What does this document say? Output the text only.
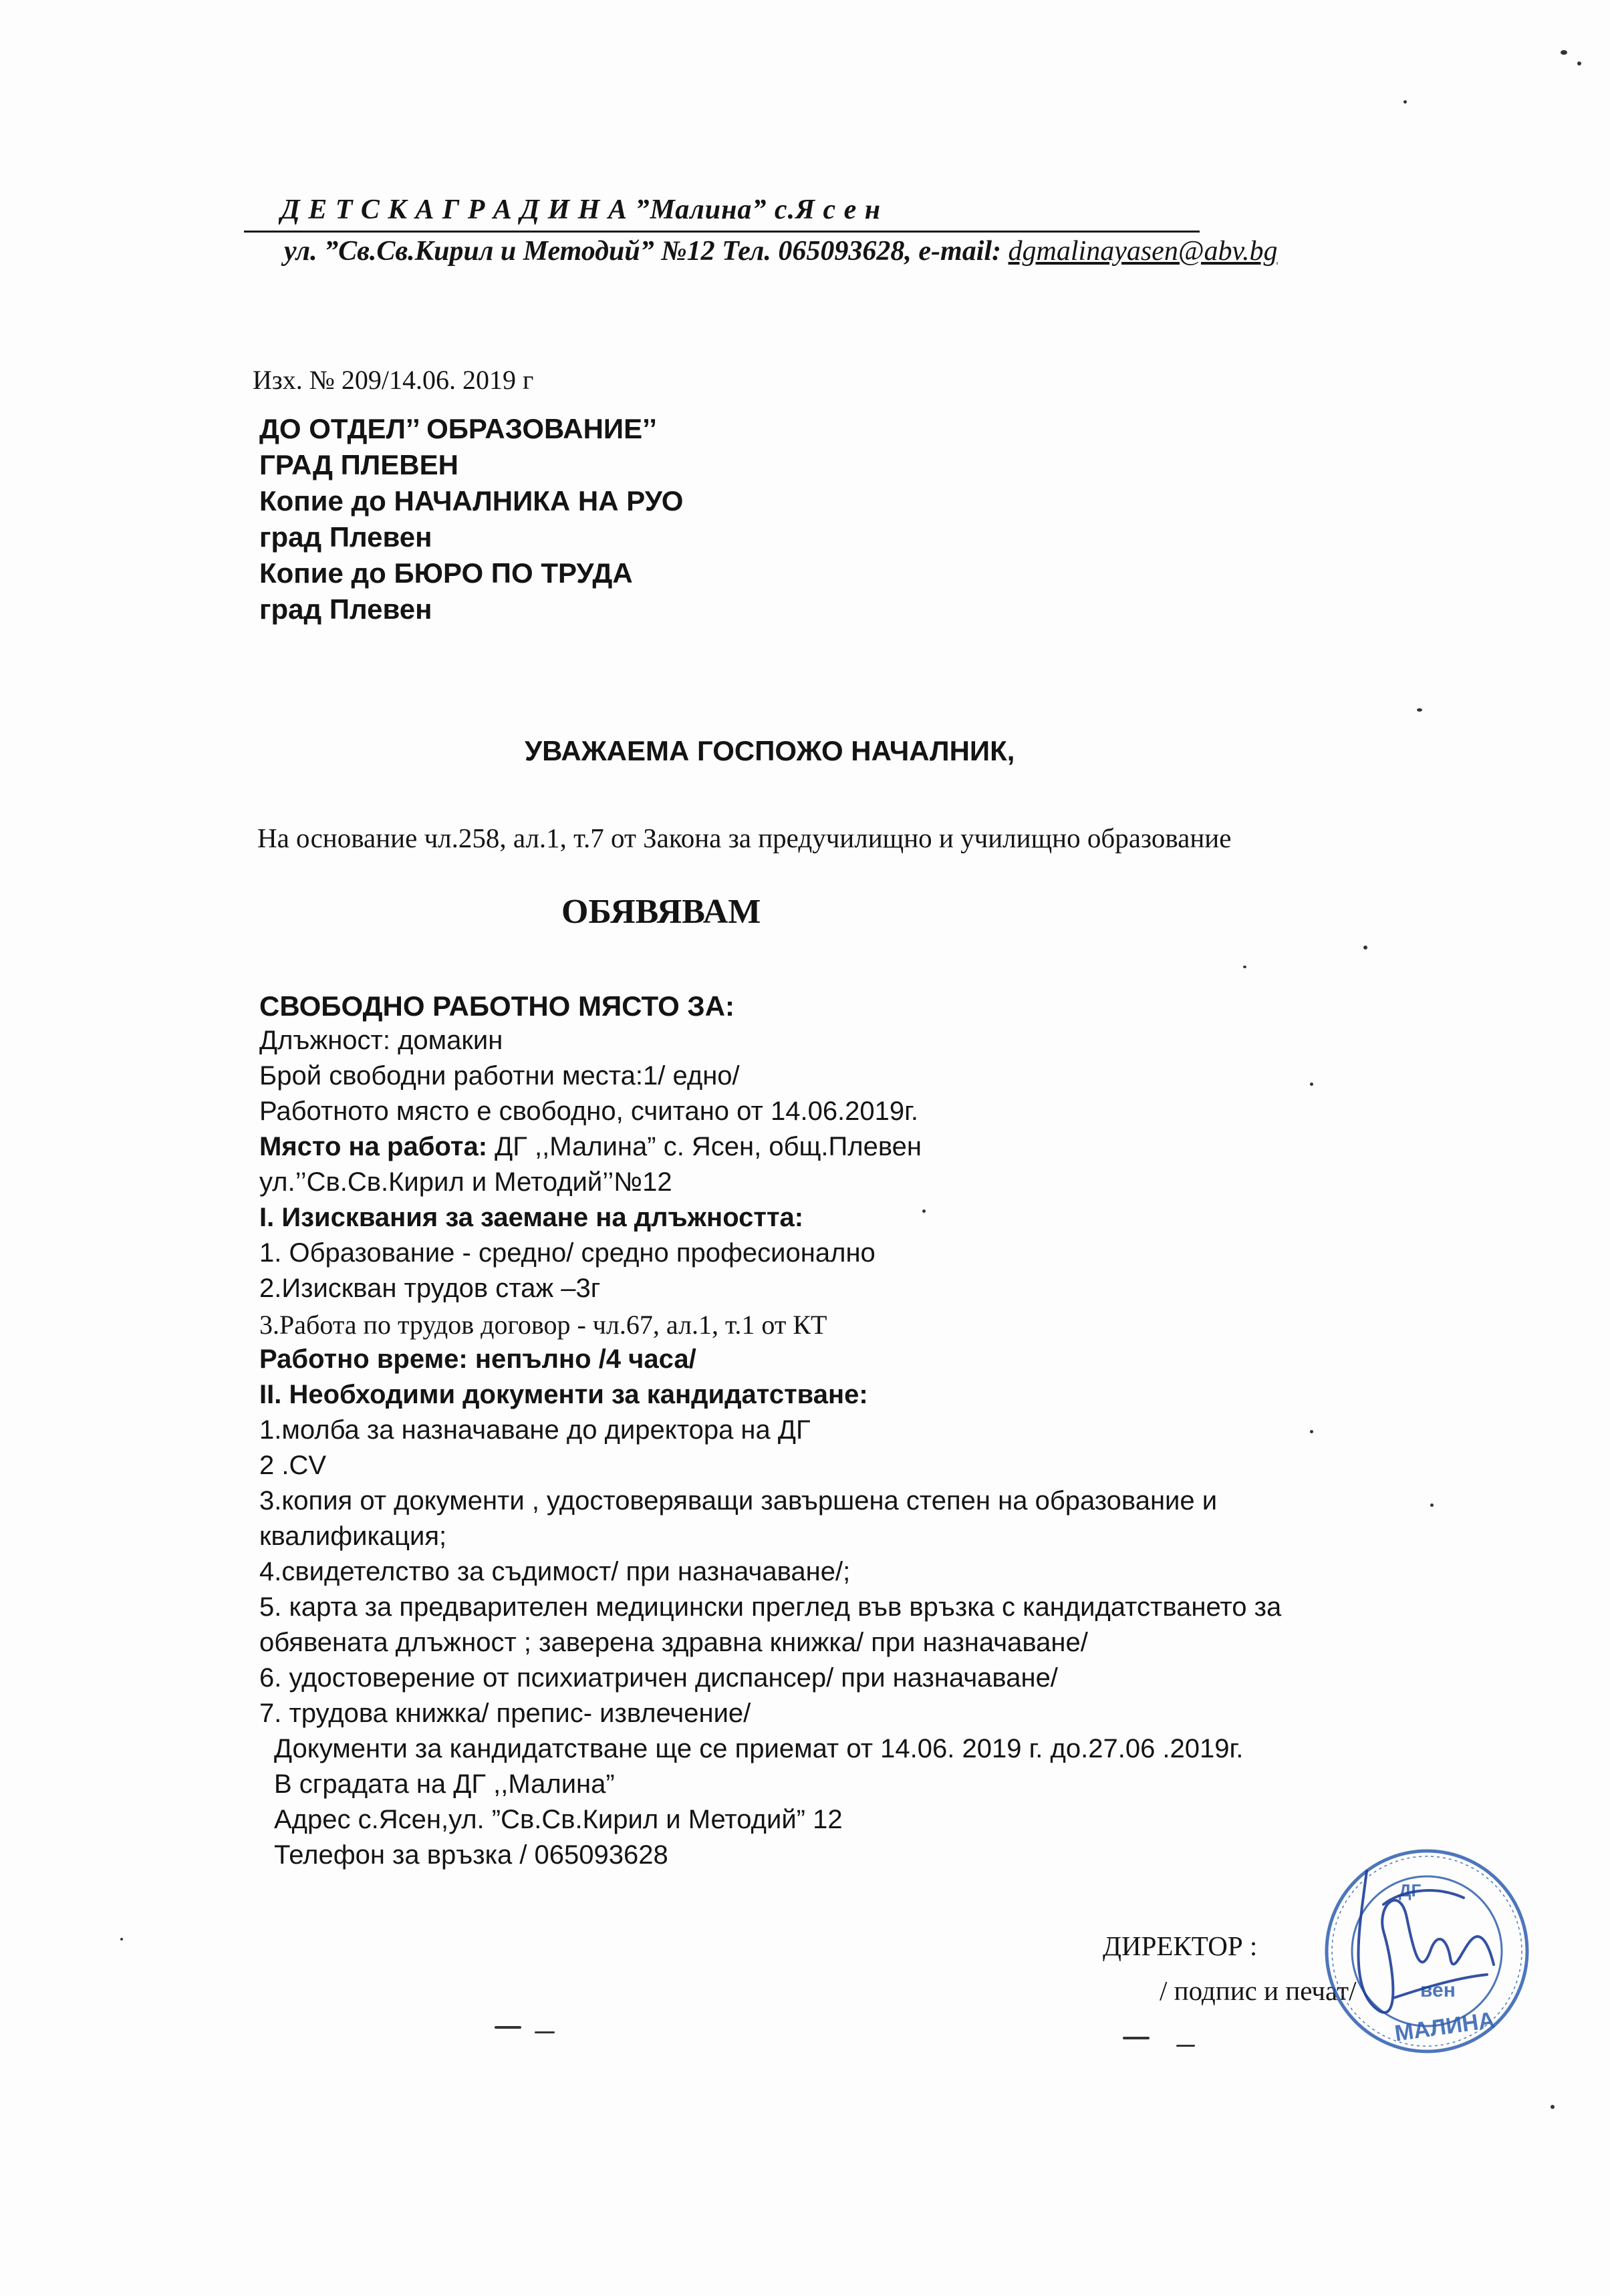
Д Е Т С К А Г Р А Д И Н А ”Малина” с.Я с е н
ул. ”Св.Св.Кирил и Методий” №12 Тел. 065093628, e-mail: dgmalinayasen@abv.bg
Изх. № 209/14.06. 2019 г
ДО ОТДЕЛ’’ ОБРАЗОВАНИЕ’’
ГРАД ПЛЕВЕН
Копие до НАЧАЛНИКА НА РУО
град Плевен
Копие до БЮРО ПО ТРУДА
град Плевен
УВАЖАЕМА ГОСПОЖО НАЧАЛНИК,
На основание чл.258, ал.1, т.7 от Закона за предучилищно и училищно образование
ОБЯВЯВАМ
СВОБОДНО РАБОТНО МЯСТО ЗА:
Длъжност: домакин
Брой свободни работни места:1/ едно/
Работното място е свободно, считано от 14.06.2019г.
Място на работа: ДГ ,,Малина” с. Ясен, общ.Плевен
ул.’’Св.Св.Кирил и Методий’’№12
I. Изисквания за заемане на длъжността:
1. Образование - средно/ средно професионално
2.Изискван трудов стаж –3г
3.Работа по трудов договор - чл.67, ал.1, т.1 от КТ
Работно време: непълно /4 часа/
II. Необходими документи за кандидатстване:
1.молба за назначаване до директора на ДГ
2 .CV
3.копия от документи , удостоверяващи завършена степен на образование и
квалификация;
4.свидетелство за съдимост/ при назначаване/;
5. карта за предварителен медицински преглед във връзка с кандидатстването за
обявената длъжност ; заверена здравна книжка/ при назначаване/
6. удостоверение от психиатричен диспансер/ при назначаване/
7. трудова книжка/ препис- извлечение/
Документи за кандидатстване ще се приемат от 14.06. 2019 г. до.27.06 .2019г.
В сградата на ДГ ,,Малина”
Адрес с.Ясен,ул. ”Св.Св.Кирил и Методий” 12
Телефон за връзка / 065093628
ДИРЕКТОР :
/ подпис и печат/	вен
МАЛИНА
ДГ
